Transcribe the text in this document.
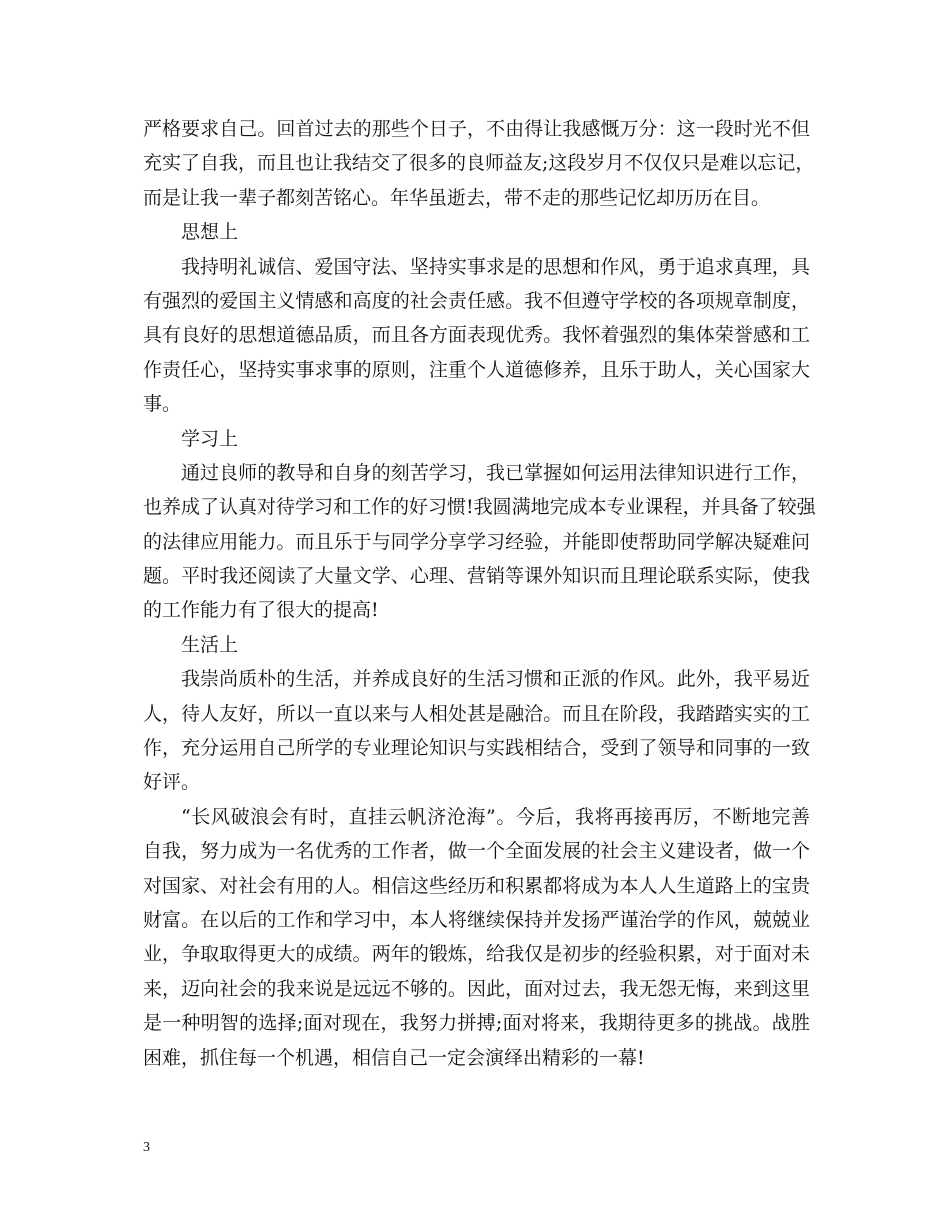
严格要求自己。回首过去的那些个日子，不由得让我感慨万分：这一段时光不但
充实了自我，而且也让我结交了很多的良师益友;这段岁月不仅仅只是难以忘记，
而是让我一辈子都刻苦铭心。年华虽逝去，带不走的那些记忆却历历在目。
思想上
我持明礼诚信、爱国守法、坚持实事求是的思想和作风，勇于追求真理，具
有强烈的爱国主义情感和高度的社会责任感。我不但遵守学校的各项规章制度，
具有良好的思想道德品质，而且各方面表现优秀。我怀着强烈的集体荣誉感和工
作责任心，坚持实事求事的原则，注重个人道德修养，且乐于助人，关心国家大
事。
学习上
通过良师的教导和自身的刻苦学习，我已掌握如何运用法律知识进行工作，
也养成了认真对待学习和工作的好习惯!我圆满地完成本专业课程，并具备了较强
的法律应用能力。而且乐于与同学分享学习经验，并能即使帮助同学解决疑难问
题。平时我还阅读了大量文学、心理、营销等课外知识而且理论联系实际，使我
的工作能力有了很大的提高!
生活上
我崇尚质朴的生活，并养成良好的生活习惯和正派的作风。此外，我平易近
人，待人友好，所以一直以来与人相处甚是融洽。而且在阶段，我踏踏实实的工
作，充分运用自己所学的专业理论知识与实践相结合，受到了领导和同事的一致
好评。
“长风破浪会有时，直挂云帆济沧海”。今后，我将再接再厉，不断地完善
自我，努力成为一名优秀的工作者，做一个全面发展的社会主义建设者，做一个
对国家、对社会有用的人。相信这些经历和积累都将成为本人人生道路上的宝贵
财富。在以后的工作和学习中，本人将继续保持并发扬严谨治学的作风，兢兢业
业，争取取得更大的成绩。两年的锻炼，给我仅是初步的经验积累，对于面对未
来，迈向社会的我来说是远远不够的。因此，面对过去，我无怨无悔，来到这里
是一种明智的选择;面对现在，我努力拼搏;面对将来，我期待更多的挑战。战胜
困难，抓住每一个机遇，相信自己一定会演绎出精彩的一幕!
3
